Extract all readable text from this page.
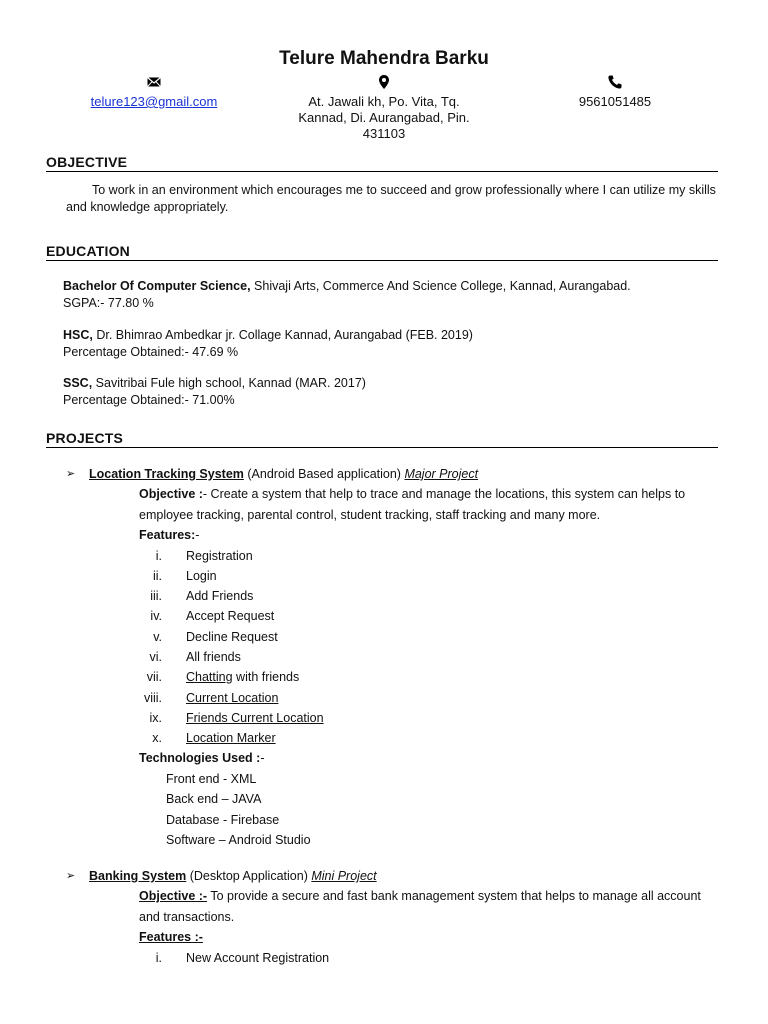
Telure Mahendra Barku
telure123@gmail.com	At. Jawali kh, Po. Vita, Tq. Kannad, Di. Aurangabad, Pin. 431103
9561051485
OBJECTIVE
To work in an environment which encourages me to succeed and grow professionally where I can utilize my skills and knowledge appropriately.
EDUCATION
Bachelor Of Computer Science, Shivaji Arts, Commerce And Science College, Kannad, Aurangabad.
SGPA:- 77.80 %
HSC, Dr. Bhimrao Ambedkar jr. Collage Kannad, Aurangabad (FEB. 2019)
Percentage Obtained:- 47.69 %
SSC, Savitribai Fule high school, Kannad (MAR. 2017)
Percentage Obtained:- 71.00%
PROJECTS
➢	Location Tracking System (Android Based application) Major Project
Objective :- Create a system that help to trace and manage the locations, this system can helps to employee tracking, parental control, student tracking, staff tracking and many more.
Features:-
i. Registration
ii. Login
iii. Add Friends
iv. Accept Request
v. Decline Request
vi. All friends
vii. Chatting with friends
viii. Current Location
ix. Friends Current Location
x. Location Marker
Technologies Used :-
Front end - XML
Back end – JAVA
Database - Firebase
Software – Android Studio
➢	Banking System (Desktop Application) Mini Project
Objective :- To provide a secure and fast bank management system that helps to manage all account and transactions.
Features :-
i. New Account Registration
